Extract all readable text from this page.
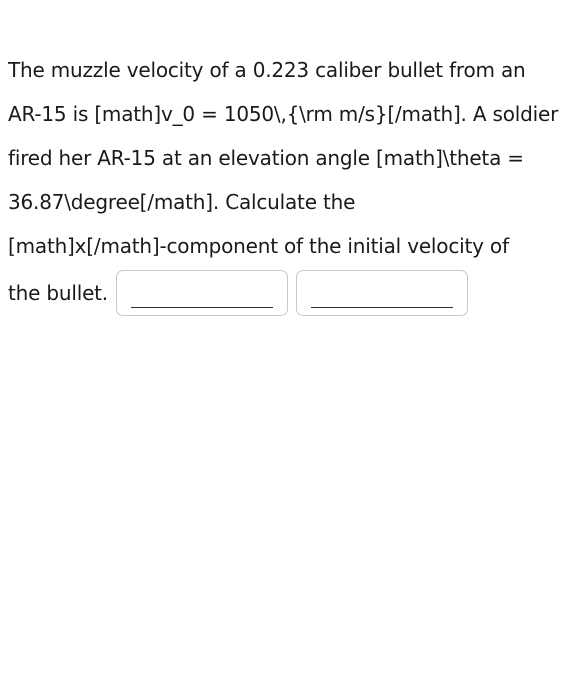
The muzzle velocity of a 0.223 caliber bullet from an
AR-15 is [math]v_0 = 1050\,{\rm m/s}[/math]. A soldier
fired her AR-15 at an elevation angle [math]\theta =
36.87\degree[/math]. Calculate the
[math]x[/math]-component of the initial velocity of
the bullet.
